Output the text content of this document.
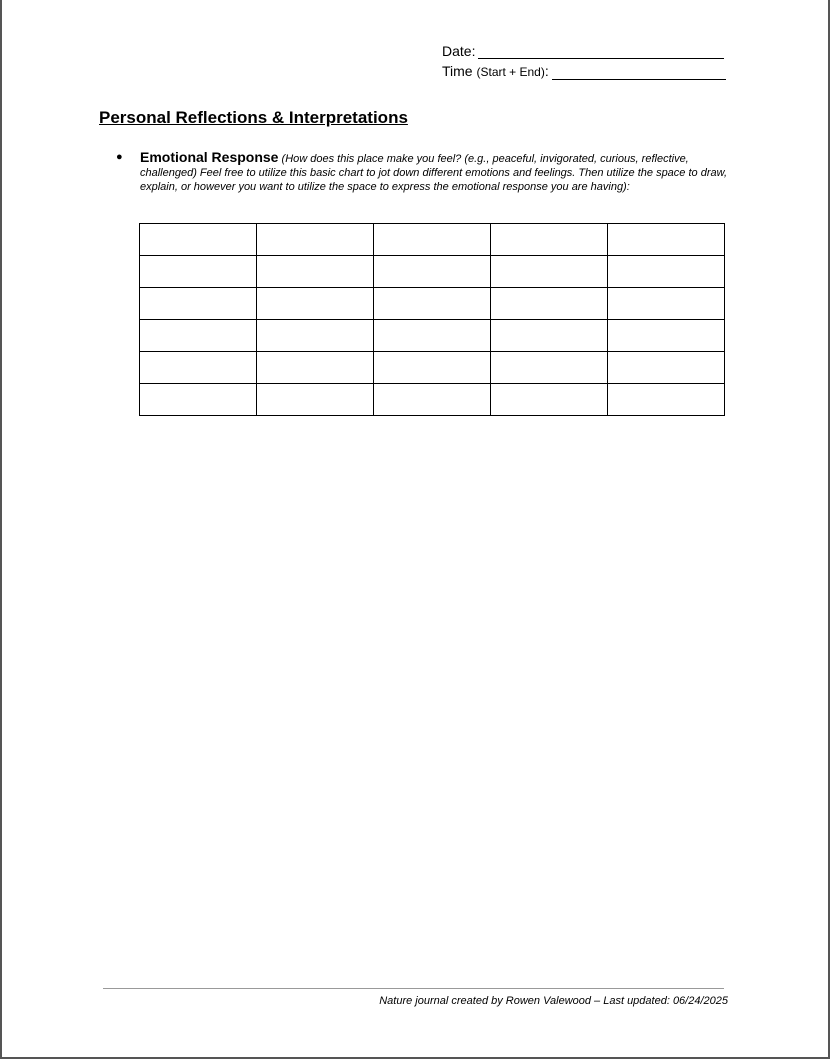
Date:
Time (Start + End):
Personal Reflections & Interpretations
● Emotional Response (How does this place make you feel? (e.g., peaceful, invigorated, curious, reflective, challenged) Feel free to utilize this basic chart to jot down different emotions and feelings. Then utilize the space to draw, explain, or however you want to utilize the space to express the emotional response you are having):

Nature journal created by Rowen Valewood – Last updated: 06/24/2025
